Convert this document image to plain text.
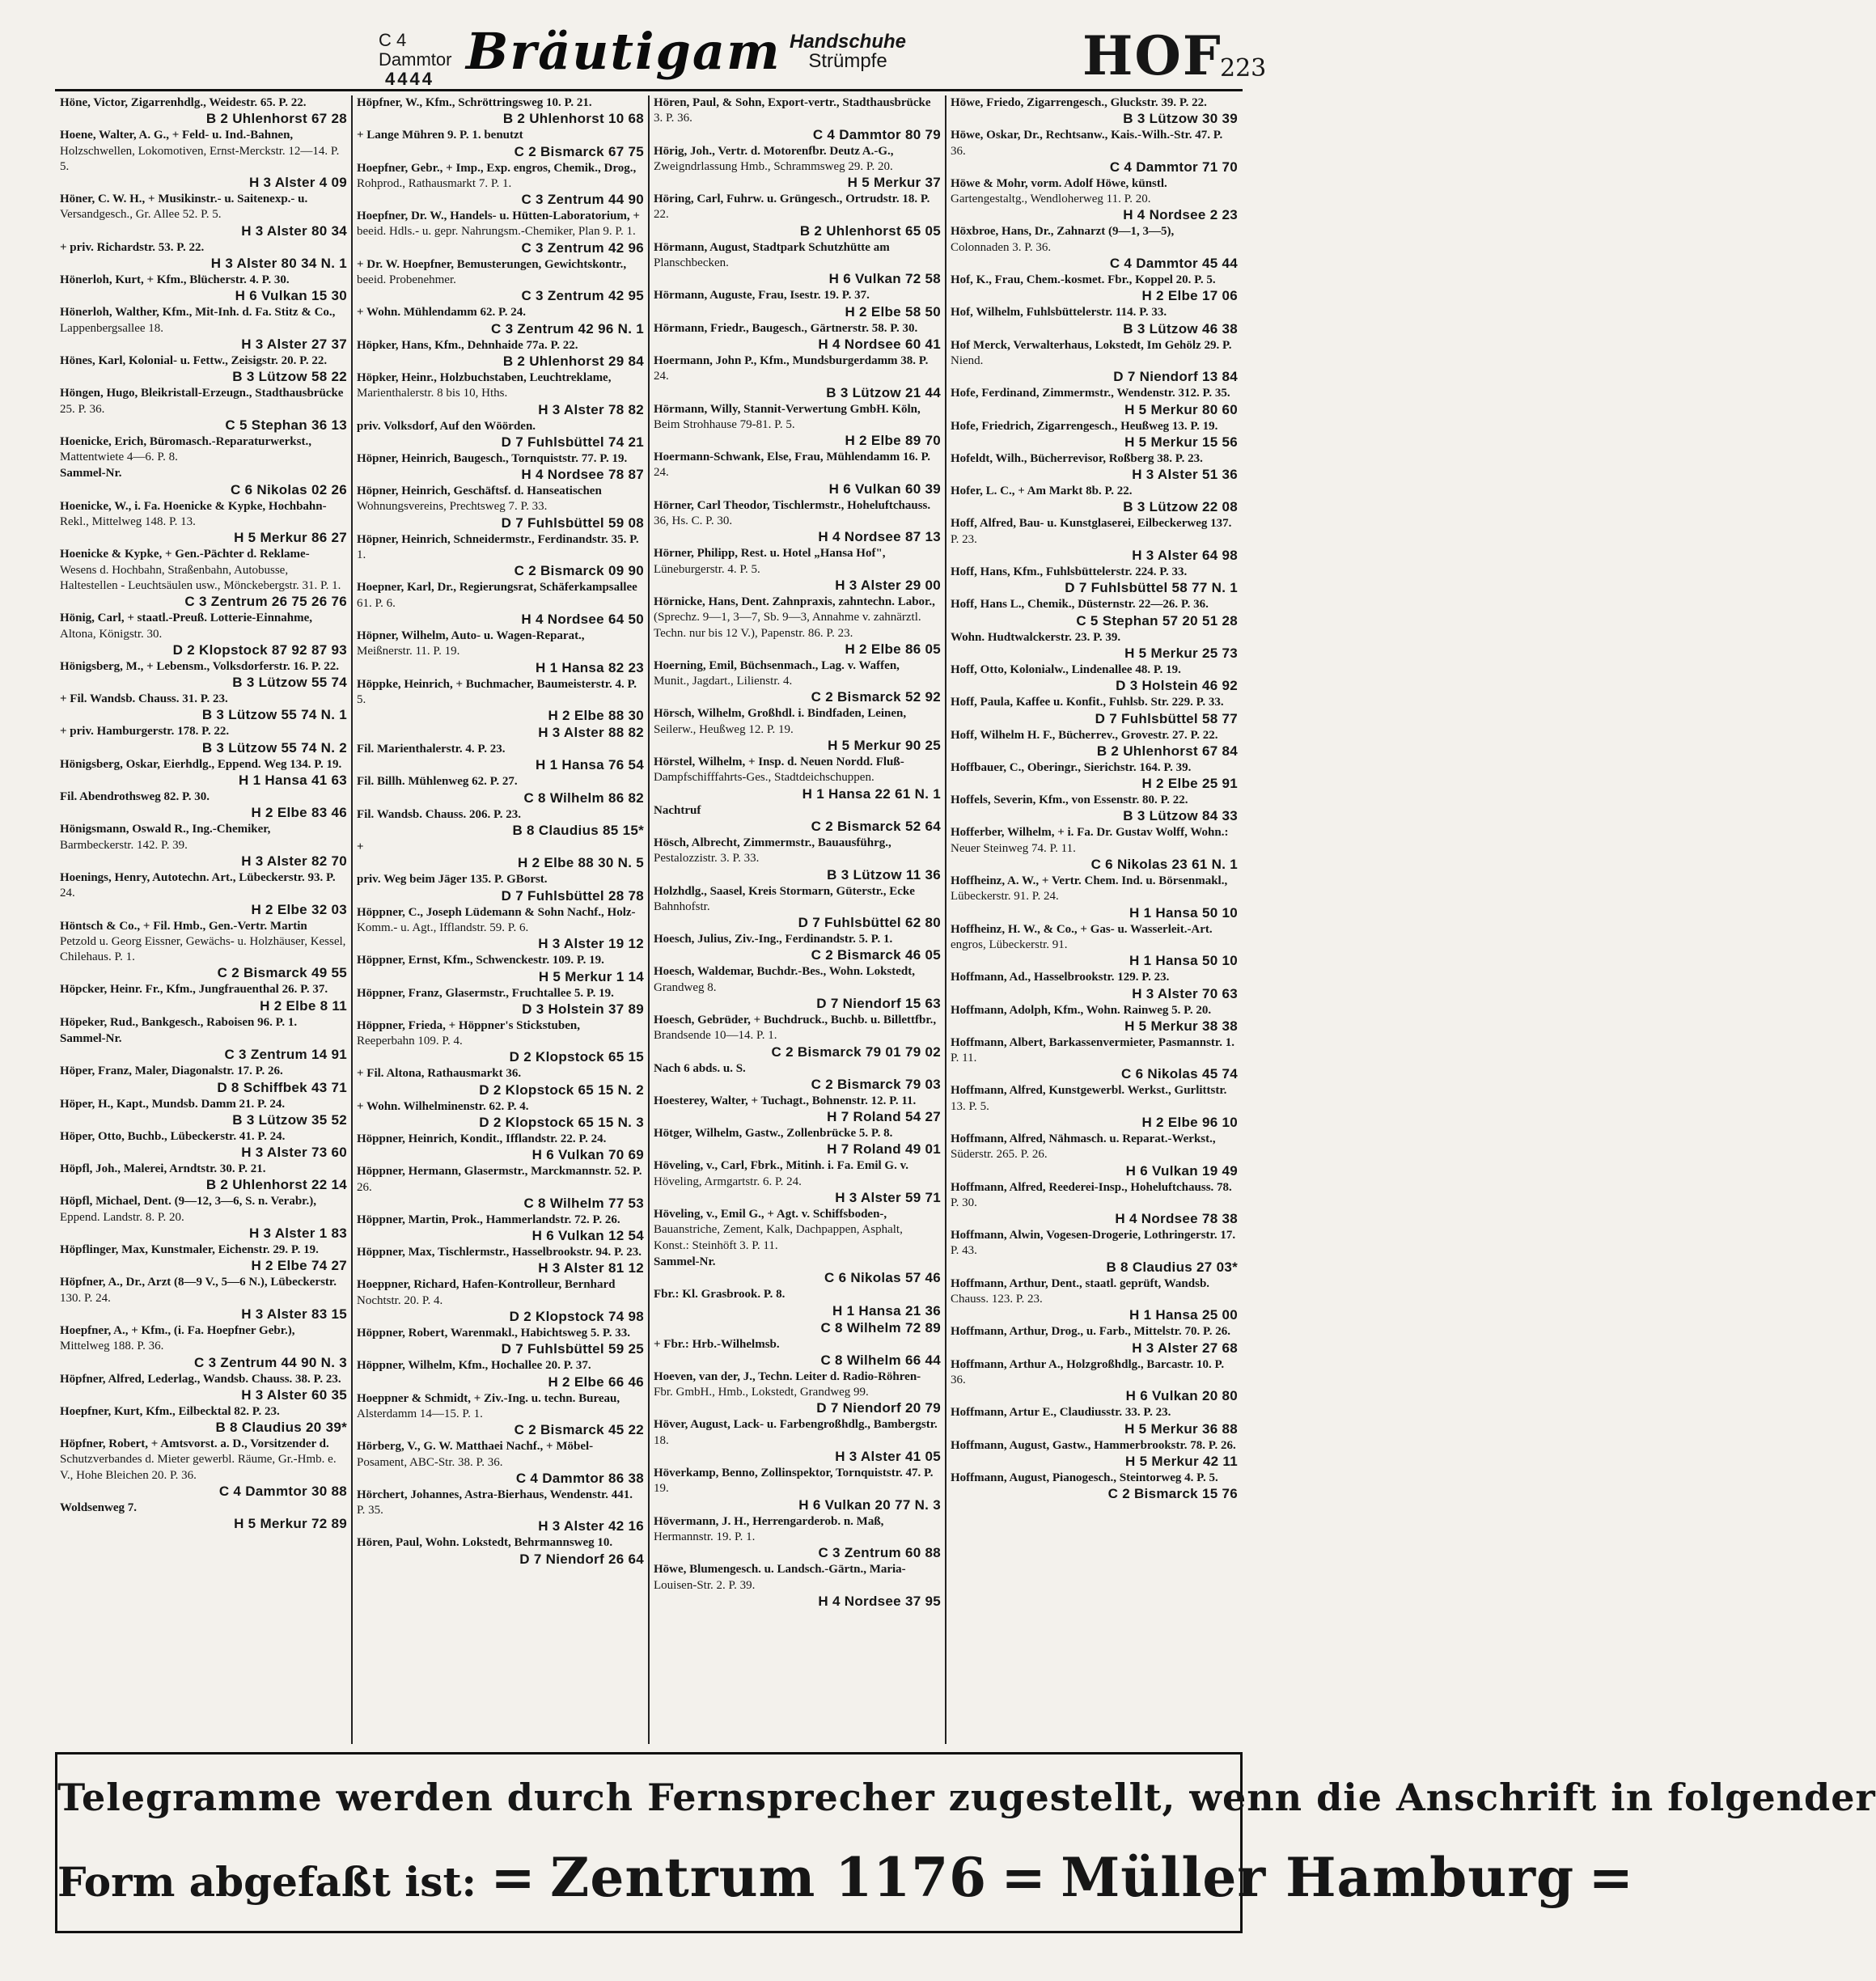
C 4 Dammtor
4444 Bräutigam Handschuhe
Strümpfe	HOF
223
Höne, Victor, Zigarrenhdlg., Weidestr. 65. P. 22.
B 2 Uhlenhorst 67 28
Hoene, Walter, A. G., + Feld- u. Ind.-Bahnen, Holzschwellen, Lokomotiven, Ernst-Merckstr. 12—14. P. 5.
H 3 Alster 4 09
Höner, C. W. H., + Musikinstr.- u. Saitenexp.- u. Versandgesch., Gr. Allee 52. P. 5.
H 3 Alster 80 34
+ priv. Richardstr. 53. P. 22.
H 3 Alster 80 34 N. 1
Hönerloh, Kurt, + Kfm., Blücherstr. 4. P. 30.
H 6 Vulkan 15 30
Hönerloh, Walther, Kfm., Mit-Inh. d. Fa. Stitz & Co., Lappenbergsallee 18.
H 3 Alster 27 37
Hönes, Karl, Kolonial- u. Fettw., Zeisigstr. 20. P. 22.
B 3 Lützow 58 22
Höngen, Hugo, Bleikristall-Erzeugn., Stadthausbrücke 25. P. 36.
C 5 Stephan 36 13
Hoenicke, Erich, Büromasch.-Reparaturwerkst., Mattentwiete 4—6. P. 8.
Sammel-Nr.
C 6 Nikolas 02 26
Hoenicke, W., i. Fa. Hoenicke & Kypke, Hochbahn-Rekl., Mittelweg 148. P. 13.
H 5 Merkur 86 27
Hoenicke & Kypke, + Gen.-Pächter d. Reklame-Wesens d. Hochbahn, Straßenbahn, Autobusse, Haltestellen - Leuchtsäulen usw., Mönckebergstr. 31. P. 1.
C 3 Zentrum 26 75 26 76
Hönig, Carl, + staatl.-Preuß. Lotterie-Einnahme, Altona, Königstr. 30.
D 2 Klopstock 87 92 87 93
Hönigsberg, M., + Lebensm., Volksdorferstr. 16. P. 22.
B 3 Lützow 55 74
+ Fil. Wandsb. Chauss. 31. P. 23.
B 3 Lützow 55 74 N. 1
+ priv. Hamburgerstr. 178. P. 22.
B 3 Lützow 55 74 N. 2
Hönigsberg, Oskar, Eierhdlg., Eppend. Weg 134. P. 19.
H 1 Hansa 41 63
Fil. Abendrothsweg 82. P. 30.
H 2 Elbe 83 46
Hönigsmann, Oswald R., Ing.-Chemiker, Barmbeckerstr. 142. P. 39.
H 3 Alster 82 70
Hoenings, Henry, Autotechn. Art., Lübeckerstr. 93. P. 24.
H 2 Elbe 32 03
Höntsch & Co., + Fil. Hmb., Gen.-Vertr. Martin Petzold u. Georg Eissner, Gewächs- u. Holzhäuser, Kessel, Chilehaus. P. 1.
C 2 Bismarck 49 55
Höpcker, Heinr. Fr., Kfm., Jungfrauenthal 26. P. 37.
H 2 Elbe 8 11
Höpeker, Rud., Bankgesch., Raboisen 96. P. 1.
Sammel-Nr.
C 3 Zentrum 14 91
Höper, Franz, Maler, Diagonalstr. 17. P. 26.
D 8 Schiffbek 43 71
Höper, H., Kapt., Mundsb. Damm 21. P. 24.
B 3 Lützow 35 52
Höper, Otto, Buchb., Lübeckerstr. 41. P. 24.
H 3 Alster 73 60
Höpfl, Joh., Malerei, Arndtstr. 30. P. 21.
B 2 Uhlenhorst 22 14
Höpfl, Michael, Dent. (9—12, 3—6, S. n. Verabr.), Eppend. Landstr. 8. P. 20.
H 3 Alster 1 83
Höpflinger, Max, Kunstmaler, Eichenstr. 29. P. 19.
H 2 Elbe 74 27
Höpfner, A., Dr., Arzt (8—9 V., 5—6 N.), Lübeckerstr. 130. P. 24.
H 3 Alster 83 15
Hoepfner, A., + Kfm., (i. Fa. Hoepfner Gebr.), Mittelweg 188. P. 36.
C 3 Zentrum 44 90 N. 3
Höpfner, Alfred, Lederlag., Wandsb. Chauss. 38. P. 23.
H 3 Alster 60 35
Hoepfner, Kurt, Kfm., Eilbecktal 82. P. 23.
B 8 Claudius 20 39*
Höpfner, Robert, + Amtsvorst. a. D., Vorsitzender d. Schutzverbandes d. Mieter gewerbl. Räume, Gr.-Hmb. e. V., Hohe Bleichen 20. P. 36.
C 4 Dammtor 30 88
Woldsenweg 7.
H 5 Merkur 72 89
Höpfner, W., Kfm., Schröttringsweg 10. P. 21.
B 2 Uhlenhorst 10 68
+ Lange Mühren 9. P. 1. benutzt
C 2 Bismarck 67 75
Hoepfner, Gebr., + Imp., Exp. engros, Chemik., Drog., Rohprod., Rathausmarkt 7. P. 1.
C 3 Zentrum 44 90
Hoepfner, Dr. W., Handels- u. Hütten-Laboratorium, + beeid. Hdls.- u. gepr. Nahrungsm.-Chemiker, Plan 9. P. 1.
C 3 Zentrum 42 96
+ Dr. W. Hoepfner, Bemusterungen, Gewichtskontr., beeid. Probenehmer.
C 3 Zentrum 42 95
+ Wohn. Mühlendamm 62. P. 24.
C 3 Zentrum 42 96 N. 1
Höpker, Hans, Kfm., Dehnhaide 77a. P. 22.
B 2 Uhlenhorst 29 84
Höpker, Heinr., Holzbuchstaben, Leuchtreklame, Marienthalerstr. 8 bis 10, Hths.
H 3 Alster 78 82
priv. Volksdorf, Auf den Wöörden.
D 7 Fuhlsbüttel 74 21
Höpner, Heinrich, Baugesch., Tornquiststr. 77. P. 19.
H 4 Nordsee 78 87
Höpner, Heinrich, Geschäftsf. d. Hanseatischen Wohnungsvereins, Prechtsweg 7. P. 33.
D 7 Fuhlsbüttel 59 08
Höpner, Heinrich, Schneidermstr., Ferdinandstr. 35. P. 1.
C 2 Bismarck 09 90
Hoepner, Karl, Dr., Regierungsrat, Schäferkampsallee 61. P. 6.
H 4 Nordsee 64 50
Höpner, Wilhelm, Auto- u. Wagen-Reparat., Meißnerstr. 11. P. 19.
H 1 Hansa 82 23
Höppke, Heinrich, + Buchmacher, Baumeisterstr. 4. P. 5.
H 2 Elbe 88 30
H 3 Alster 88 82
Fil. Marienthalerstr. 4. P. 23.
H 1 Hansa 76 54
Fil. Billh. Mühlenweg 62. P. 27.
C 8 Wilhelm 86 82
Fil. Wandsb. Chauss. 206. P. 23.
B 8 Claudius 85 15*
+
H 2 Elbe 88 30 N. 5
priv. Weg beim Jäger 135. P. GBorst.
D 7 Fuhlsbüttel 28 78
Höppner, C., Joseph Lüdemann & Sohn Nachf., Holz-Komm.- u. Agt., Ifflandstr. 59. P. 6.
H 3 Alster 19 12
Höppner, Ernst, Kfm., Schwenckestr. 109. P. 19.
H 5 Merkur 1 14
Höppner, Franz, Glasermstr., Fruchtallee 5. P. 19.
D 3 Holstein 37 89
Höppner, Frieda, + Höppner's Stickstuben, Reeperbahn 109. P. 4.
D 2 Klopstock 65 15
+ Fil. Altona, Rathausmarkt 36.
D 2 Klopstock 65 15 N. 2
+ Wohn. Wilhelminenstr. 62. P. 4.
D 2 Klopstock 65 15 N. 3
Höppner, Heinrich, Kondit., Ifflandstr. 22. P. 24.
H 6 Vulkan 70 69
Höppner, Hermann, Glasermstr., Marckmannstr. 52. P. 26.
C 8 Wilhelm 77 53
Höppner, Martin, Prok., Hammerlandstr. 72. P. 26.
H 6 Vulkan 12 54
Höppner, Max, Tischlermstr., Hasselbrookstr. 94. P. 23.
H 3 Alster 81 12
Hoeppner, Richard, Hafen-Kontrolleur, Bernhard Nochtstr. 20. P. 4.
D 2 Klopstock 74 98
Höppner, Robert, Warenmakl., Habichtsweg 5. P. 33.
D 7 Fuhlsbüttel 59 25
Höppner, Wilhelm, Kfm., Hochallee 20. P. 37.
H 2 Elbe 66 46
Hoeppner & Schmidt, + Ziv.-Ing. u. techn. Bureau, Alsterdamm 14—15. P. 1.
C 2 Bismarck 45 22
Hörberg, V., G. W. Matthaei Nachf., + Möbel-Posament, ABC-Str. 38. P. 36.
C 4 Dammtor 86 38
Hörchert, Johannes, Astra-Bierhaus, Wendenstr. 441. P. 35.
H 3 Alster 42 16
Hören, Paul, Wohn. Lokstedt, Behrmannsweg 10.
D 7 Niendorf 26 64
Hören, Paul, & Sohn, Export-vertr., Stadthausbrücke 3. P. 36.
C 4 Dammtor 80 79
Hörig, Joh., Vertr. d. Motorenfbr. Deutz A.-G., Zweigndrlassung Hmb., Schrammsweg 29. P. 20.
H 5 Merkur 37
Höring, Carl, Fuhrw. u. Grüngesch., Ortrudstr. 18. P. 22.
B 2 Uhlenhorst 65 05
Hörmann, August, Stadtpark Schutzhütte am Planschbecken.
H 6 Vulkan 72 58
Hörmann, Auguste, Frau, Isestr. 19. P. 37.
H 2 Elbe 58 50
Hörmann, Friedr., Baugesch., Gärtnerstr. 58. P. 30.
H 4 Nordsee 60 41
Hoermann, John P., Kfm., Mundsburgerdamm 38. P. 24.
B 3 Lützow 21 44
Hörmann, Willy, Stannit-Verwertung GmbH. Köln, Beim Strohhause 79-81. P. 5.
H 2 Elbe 89 70
Hoermann-Schwank, Else, Frau, Mühlendamm 16. P. 24.
H 6 Vulkan 60 39
Hörner, Carl Theodor, Tischlermstr., Hoheluftchauss. 36, Hs. C. P. 30.
H 4 Nordsee 87 13
Hörner, Philipp, Rest. u. Hotel „Hansa Hof", Lüneburgerstr. 4. P. 5.
H 3 Alster 29 00
Hörnicke, Hans, Dent. Zahnpraxis, zahntechn. Labor., (Sprechz. 9—1, 3—7, Sb. 9—3, Annahme v. zahnärztl. Techn. nur bis 12 V.), Papenstr. 86. P. 23.
H 2 Elbe 86 05
Hoerning, Emil, Büchsenmach., Lag. v. Waffen, Munit., Jagdart., Lilienstr. 4.
C 2 Bismarck 52 92
Hörsch, Wilhelm, Großhdl. i. Bindfaden, Leinen, Seilerw., Heußweg 12. P. 19.
H 5 Merkur 90 25
Hörstel, Wilhelm, + Insp. d. Neuen Nordd. Fluß-Dampfschifffahrts-Ges., Stadtdeichschuppen.
H 1 Hansa 22 61 N. 1
Nachtruf
C 2 Bismarck 52 64
Hösch, Albrecht, Zimmermstr., Bauausführg., Pestalozzistr. 3. P. 33.
B 3 Lützow 11 36
Holzhdlg., Saasel, Kreis Stormarn, Güterstr., Ecke Bahnhofstr.
D 7 Fuhlsbüttel 62 80
Hoesch, Julius, Ziv.-Ing., Ferdinandstr. 5. P. 1.
C 2 Bismarck 46 05
Hoesch, Waldemar, Buchdr.-Bes., Wohn. Lokstedt, Grandweg 8.
D 7 Niendorf 15 63
Hoesch, Gebrüder, + Buchdruck., Buchb. u. Billettfbr., Brandsende 10—14. P. 1.
C 2 Bismarck 79 01 79 02
Nach 6 abds. u. S.
C 2 Bismarck 79 03
Hoesterey, Walter, + Tuchagt., Bohnenstr. 12. P. 11.
H 7 Roland 54 27
Hötger, Wilhelm, Gastw., Zollenbrücke 5. P. 8.
H 7 Roland 49 01
Höveling, v., Carl, Fbrk., Mitinh. i. Fa. Emil G. v. Höveling, Armgartstr. 6. P. 24.
H 3 Alster 59 71
Höveling, v., Emil G., + Agt. v. Schiffsboden-, Bauanstriche, Zement, Kalk, Dachpappen, Asphalt, Konst.: Steinhöft 3. P. 11.
Sammel-Nr.
C 6 Nikolas 57 46
Fbr.: Kl. Grasbrook. P. 8.
H 1 Hansa 21 36
C 8 Wilhelm 72 89
+ Fbr.: Hrb.-Wilhelmsb.
C 8 Wilhelm 66 44
Hoeven, van der, J., Techn. Leiter d. Radio-Röhren-Fbr. GmbH., Hmb., Lokstedt, Grandweg 99.
D 7 Niendorf 20 79
Höver, August, Lack- u. Farbengroßhdlg., Bambergstr. 18.
H 3 Alster 41 05
Höverkamp, Benno, Zollinspektor, Tornquiststr. 47. P. 19.
H 6 Vulkan 20 77 N. 3
Hövermann, J. H., Herrengarderob. n. Maß, Hermannstr. 19. P. 1.
C 3 Zentrum 60 88
Höwe, Blumengesch. u. Landsch.-Gärtn., Maria-Louisen-Str. 2. P. 39.
H 4 Nordsee 37 95
Höwe, Friedo, Zigarrengesch., Gluckstr. 39. P. 22.
B 3 Lützow 30 39
Höwe, Oskar, Dr., Rechtsanw., Kais.-Wilh.-Str. 47. P. 36.
C 4 Dammtor 71 70
Höwe & Mohr, vorm. Adolf Höwe, künstl. Gartengestaltg., Wendloherweg 11. P. 20.
H 4 Nordsee 2 23
Höxbroe, Hans, Dr., Zahnarzt (9—1, 3—5), Colonnaden 3. P. 36.
C 4 Dammtor 45 44
Hof, K., Frau, Chem.-kosmet. Fbr., Koppel 20. P. 5.
H 2 Elbe 17 06
Hof, Wilhelm, Fuhlsbüttelerstr. 114. P. 33.
B 3 Lützow 46 38
Hof Merck, Verwalterhaus, Lokstedt, Im Gehölz 29. P. Niend.
D 7 Niendorf 13 84
Hofe, Ferdinand, Zimmermstr., Wendenstr. 312. P. 35.
H 5 Merkur 80 60
Hofe, Friedrich, Zigarrengesch., Heußweg 13. P. 19.
H 5 Merkur 15 56
Hofeldt, Wilh., Bücherrevisor, Roßberg 38. P. 23.
H 3 Alster 51 36
Hofer, L. C., + Am Markt 8b. P. 22.
B 3 Lützow 22 08
Hoff, Alfred, Bau- u. Kunstglaserei, Eilbeckerweg 137. P. 23.
H 3 Alster 64 98
Hoff, Hans, Kfm., Fuhlsbüttelerstr. 224. P. 33.
D 7 Fuhlsbüttel 58 77 N. 1
Hoff, Hans L., Chemik., Düsternstr. 22—26. P. 36.
C 5 Stephan 57 20 51 28
Wohn. Hudtwalckerstr. 23. P. 39.
H 5 Merkur 25 73
Hoff, Otto, Kolonialw., Lindenallee 48. P. 19.
D 3 Holstein 46 92
Hoff, Paula, Kaffee u. Konfit., Fuhlsb. Str. 229. P. 33.
D 7 Fuhlsbüttel 58 77
Hoff, Wilhelm H. F., Bücherrev., Grovestr. 27. P. 22.
B 2 Uhlenhorst 67 84
Hoffbauer, C., Oberingr., Sierichstr. 164. P. 39.
H 2 Elbe 25 91
Hoffels, Severin, Kfm., von Essenstr. 80. P. 22.
B 3 Lützow 84 33
Hofferber, Wilhelm, + i. Fa. Dr. Gustav Wolff, Wohn.: Neuer Steinweg 74. P. 11.
C 6 Nikolas 23 61 N. 1
Hoffheinz, A. W., + Vertr. Chem. Ind. u. Börsenmakl., Lübeckerstr. 91. P. 24.
H 1 Hansa 50 10
Hoffheinz, H. W., & Co., + Gas- u. Wasserleit.-Art. engros, Lübeckerstr. 91.
H 1 Hansa 50 10
Hoffmann, Ad., Hasselbrookstr. 129. P. 23.
H 3 Alster 70 63
Hoffmann, Adolph, Kfm., Wohn. Rainweg 5. P. 20.
H 5 Merkur 38 38
Hoffmann, Albert, Barkassenvermieter, Pasmannstr. 1. P. 11.
C 6 Nikolas 45 74
Hoffmann, Alfred, Kunstgewerbl. Werkst., Gurlittstr. 13. P. 5.
H 2 Elbe 96 10
Hoffmann, Alfred, Nähmasch. u. Reparat.-Werkst., Süderstr. 265. P. 26.
H 6 Vulkan 19 49
Hoffmann, Alfred, Reederei-Insp., Hoheluftchauss. 78. P. 30.
H 4 Nordsee 78 38
Hoffmann, Alwin, Vogesen-Drogerie, Lothringerstr. 17. P. 43.
B 8 Claudius 27 03*
Hoffmann, Arthur, Dent., staatl. geprüft, Wandsb. Chauss. 123. P. 23.
H 1 Hansa 25 00
Hoffmann, Arthur, Drog., u. Farb., Mittelstr. 70. P. 26.
H 3 Alster 27 68
Hoffmann, Arthur A., Holzgroßhdlg., Barcastr. 10. P. 36.
H 6 Vulkan 20 80
Hoffmann, Artur E., Claudiusstr. 33. P. 23.
H 5 Merkur 36 88
Hoffmann, August, Gastw., Hammerbrookstr. 78. P. 26.
H 5 Merkur 42 11
Hoffmann, August, Pianogesch., Steintorweg 4. P. 5.
C 2 Bismarck 15 76
Telegramme werden durch Fernsprecher zugestellt, wenn die Anschrift in folgender
Form abgefaßt ist: = Zentrum 1176 = Müller Hamburg =
